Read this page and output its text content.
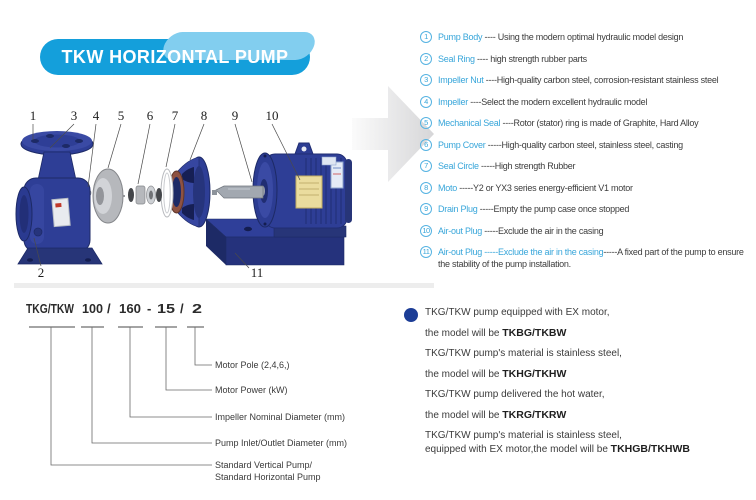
TKW HORIZONTAL PUMP
1	3 4 5 6 7 8 9 10
2	11
1	Pump Body ---- Using the modern optimal hydraulic model design
2	Seal Ring ---- high strength rubber parts
3	Impeller Nut ----High-quality carbon steel, corrosion-resistant stainless steel
4	Impeller ----Select the modern excellent hydraulic model
5	Mechanical Seal ----Rotor (stator) ring is made of Graphite, Hard Alloy
6	Pump Cover -----High-quality carbon steel, stainless steel, casting
7	Seal Circle -----High strength Rubber
8	Moto -----Y2 or YX3 series energy-efficient V1 motor
9	Drain Plug -----Empty the pump case once stopped
10 Air-out Plug -----Exclude the air in the casing
11 Air-out Plug -----Exclude the air in the casing-----A fixed part of the pump to ensure the stability of the pump installation.
TKG/TKW 100 / 160 - 15 / 2
Motor Pole (2,4,6,)
Motor Power (kW)
Impeller Nominal Diameter (mm)
Pump Inlet/Outlet Diameter (mm)
Standard Vertical Pump/
Standard Horizontal Pump
TKG/TKW pump equipped with EX motor,
the model will be TKBG/TKBW
TKG/TKW pump's material is stainless steel,
the model will be TKHG/TKHW
TKG/TKW pump delivered the hot water,
the model will be TKRG/TKRW
TKG/TKW pump's material is stainless steel,
equipped with EX motor,the model will be TKHGB/TKHWB
